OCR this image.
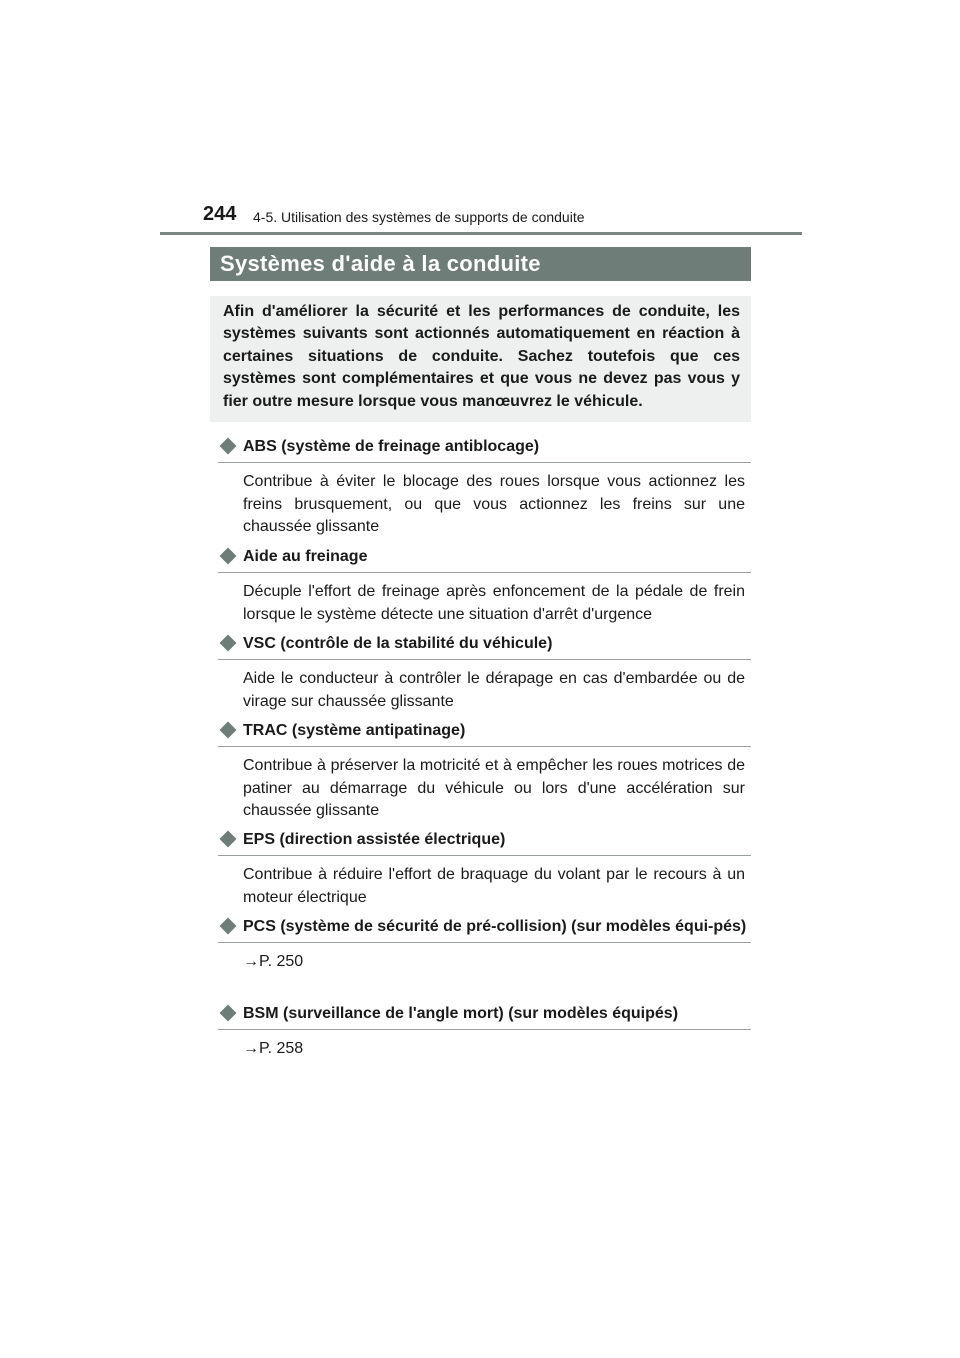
244 4-5. Utilisation des systèmes de supports de conduite
Systèmes d'aide à la conduite
Afin d'améliorer la sécurité et les performances de conduite, les systèmes suivants sont actionnés automatiquement en réaction à certaines situations de conduite. Sachez toutefois que ces systèmes sont complémentaires et que vous ne devez pas vous y fier outre mesure lorsque vous manœuvrez le véhicule.
ABS (système de freinage antiblocage)
Contribue à éviter le blocage des roues lorsque vous actionnez les freins brusquement, ou que vous actionnez les freins sur une chaussée glissante
Aide au freinage
Décuple l'effort de freinage après enfoncement de la pédale de frein lorsque le système détecte une situation d'arrêt d'urgence
VSC (contrôle de la stabilité du véhicule)
Aide le conducteur à contrôler le dérapage en cas d'embardée ou de virage sur chaussée glissante
TRAC (système antipatinage)
Contribue à préserver la motricité et à empêcher les roues motrices de patiner au démarrage du véhicule ou lors d'une accélération sur chaussée glissante
EPS (direction assistée électrique)
Contribue à réduire l'effort de braquage du volant par le recours à un moteur électrique
PCS (système de sécurité de pré-collision) (sur modèles équi-pés)
→P. 250
BSM (surveillance de l'angle mort) (sur modèles équipés)
→P. 258
